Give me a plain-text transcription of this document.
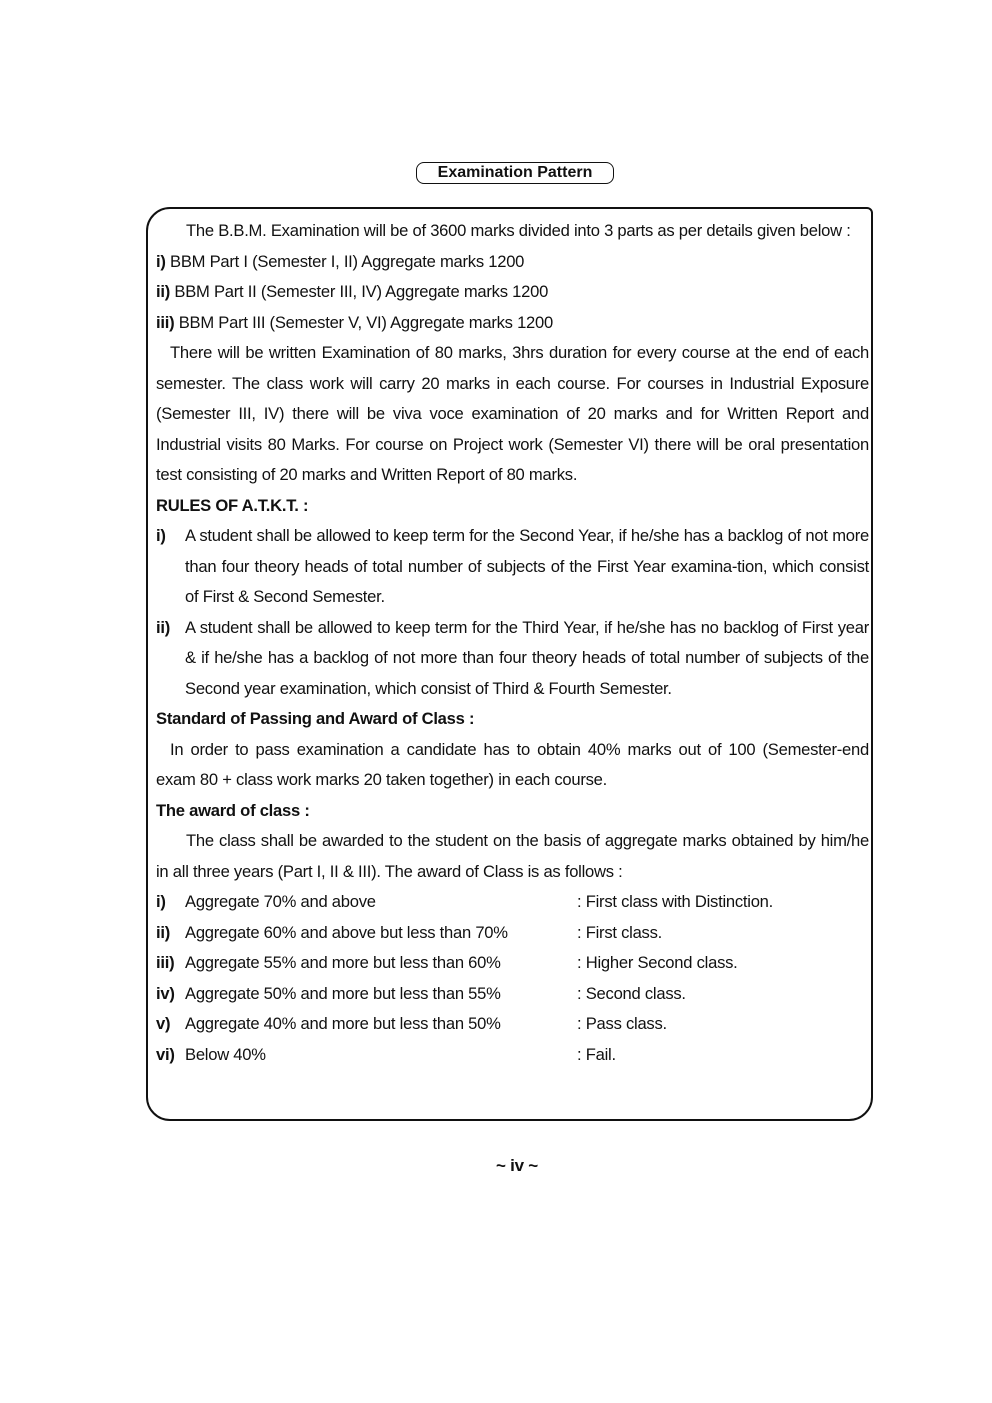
Examination Pattern
The B.B.M. Examination will be of 3600 marks divided into 3 parts as per details given below :
i) BBM Part I (Semester I, II) Aggregate marks 1200
ii) BBM Part II (Semester III, IV) Aggregate marks 1200
iii) BBM Part III (Semester V, VI) Aggregate marks 1200
There will be written Examination of 80 marks, 3hrs duration for every course at the end of each semester. The class work will carry 20 marks in each course. For courses in Industrial Exposure (Semester III, IV) there will be viva voce examination of 20 marks and for Written Report and Industrial visits 80 Marks. For course on Project work (Semester VI) there will be oral presentation test consisting of 20 marks and Written Report of 80 marks.
RULES OF A.T.K.T. :
i)	A student shall be allowed to keep term for the Second Year, if he/she has a backlog of not more than four theory heads of total number of subjects of the First Year examina-tion, which consist of First & Second Semester.
ii) A student shall be allowed to keep term for the Third Year, if he/she has no backlog of First year & if he/she has a backlog of not more than four theory heads of total number of subjects of the Second year examination, which consist of Third & Fourth Semester.
Standard of Passing and Award of Class :
In order to pass examination a candidate has to obtain 40% marks out of 100 (Semester-end exam 80 + class work marks 20 taken together) in each course.
The award of class :
The class shall be awarded to the student on the basis of aggregate marks obtained by him/he in all three years (Part I, II & III). The award of Class is as follows :
i)	Aggregate 70% and above	: First class with Distinction.
ii) Aggregate 60% and above but less than 70%	: First class.
iii) Aggregate 55% and more but less than 60%	: Higher Second class.
iv) Aggregate 50% and more but less than 55%	: Second class.
v) Aggregate 40% and more but less than 50%	: Pass class.
vi) Below 40%	: Fail.
~ iv ~
